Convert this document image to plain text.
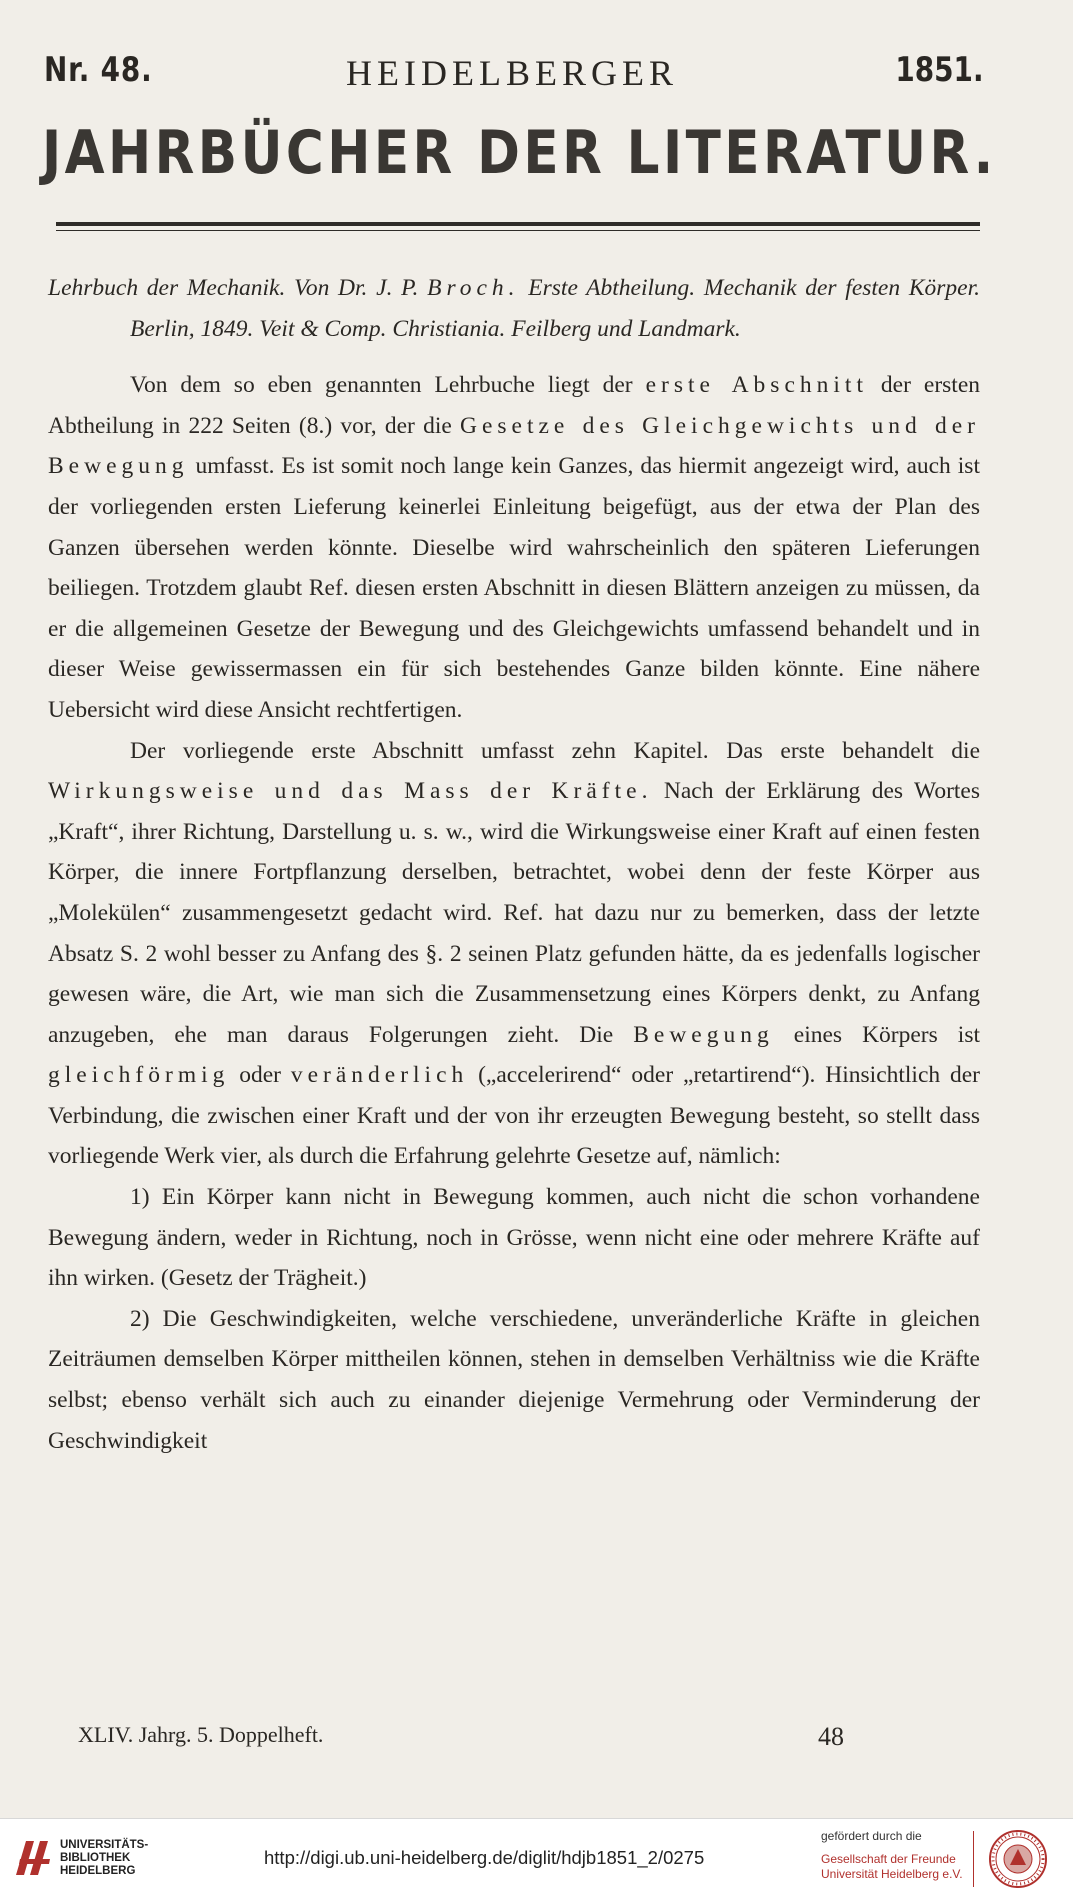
Nr. 48.	HEIDELBERGER	1851.
JAHRBÜCHER DER LITERATUR.

Lehrbuch der Mechanik. Von Dr. J. P. Broch. Erste Abtheilung. Mechanik der festen Körper. Berlin, 1849. Veit & Comp. Christiania. Feilberg und Landmark.

Von dem so eben genannten Lehrbuche liegt der erste Abschnitt der ersten Abtheilung in 222 Seiten (8.) vor, der die Gesetze des Gleichgewichts und der Bewegung umfasst. Es ist somit noch lange kein Ganzes, das hiermit angezeigt wird, auch ist der vorliegenden ersten Lieferung keinerlei Einleitung beigefügt, aus der etwa der Plan des Ganzen übersehen werden könnte. Dieselbe wird wahrscheinlich den späteren Lieferungen beiliegen. Trotzdem glaubt Ref. diesen ersten Abschnitt in diesen Blättern anzeigen zu müssen, da er die allgemeinen Gesetze der Bewegung und des Gleichgewichts umfassend behandelt und in dieser Weise gewissermassen ein für sich bestehendes Ganze bilden könnte. Eine nähere Uebersicht wird diese Ansicht rechtfertigen.

Der vorliegende erste Abschnitt umfasst zehn Kapitel. Das erste behandelt die Wirkungsweise und das Mass der Kräfte. Nach der Erklärung des Wortes „Kraft“, ihrer Richtung, Darstellung u. s. w., wird die Wirkungsweise einer Kraft auf einen festen Körper, die innere Fortpflanzung derselben, betrachtet, wobei denn der feste Körper aus „Molekülen“ zusammengesetzt gedacht wird. Ref. hat dazu nur zu bemerken, dass der letzte Absatz S. 2 wohl besser zu Anfang des §. 2 seinen Platz gefunden hätte, da es jedenfalls logischer gewesen wäre, die Art, wie man sich die Zusammensetzung eines Körpers denkt, zu Anfang anzugeben, ehe man daraus Folgerungen zieht. Die Bewegung eines Körpers ist gleichförmig oder veränderlich („accelerirend“ oder „retartirend“). Hinsichtlich der Verbindung, die zwischen einer Kraft und der von ihr erzeugten Bewegung besteht, so stellt dass vorliegende Werk vier, als durch die Erfahrung gelehrte Gesetze auf, nämlich:

1) Ein Körper kann nicht in Bewegung kommen, auch nicht die schon vorhandene Bewegung ändern, weder in Richtung, noch in Grösse, wenn nicht eine oder mehrere Kräfte auf ihn wirken. (Gesetz der Trägheit.)

2) Die Geschwindigkeiten, welche verschiedene, unveränderliche Kräfte in gleichen Zeiträumen demselben Körper mittheilen können, stehen in demselben Verhältniss wie die Kräfte selbst; ebenso verhält sich auch zu einander diejenige Vermehrung oder Verminderung der Geschwindigkeit

XLIV. Jahrg. 5. Doppelheft.	48
UNIVERSITÄTS-
BIBLIOTHEK
HEIDELBERG
http://digi.ub.uni-heidelberg.de/diglit/hdjb1851_2/0275
gefördert durch die
Gesellschaft der Freunde
Universität Heidelberg e.V.
